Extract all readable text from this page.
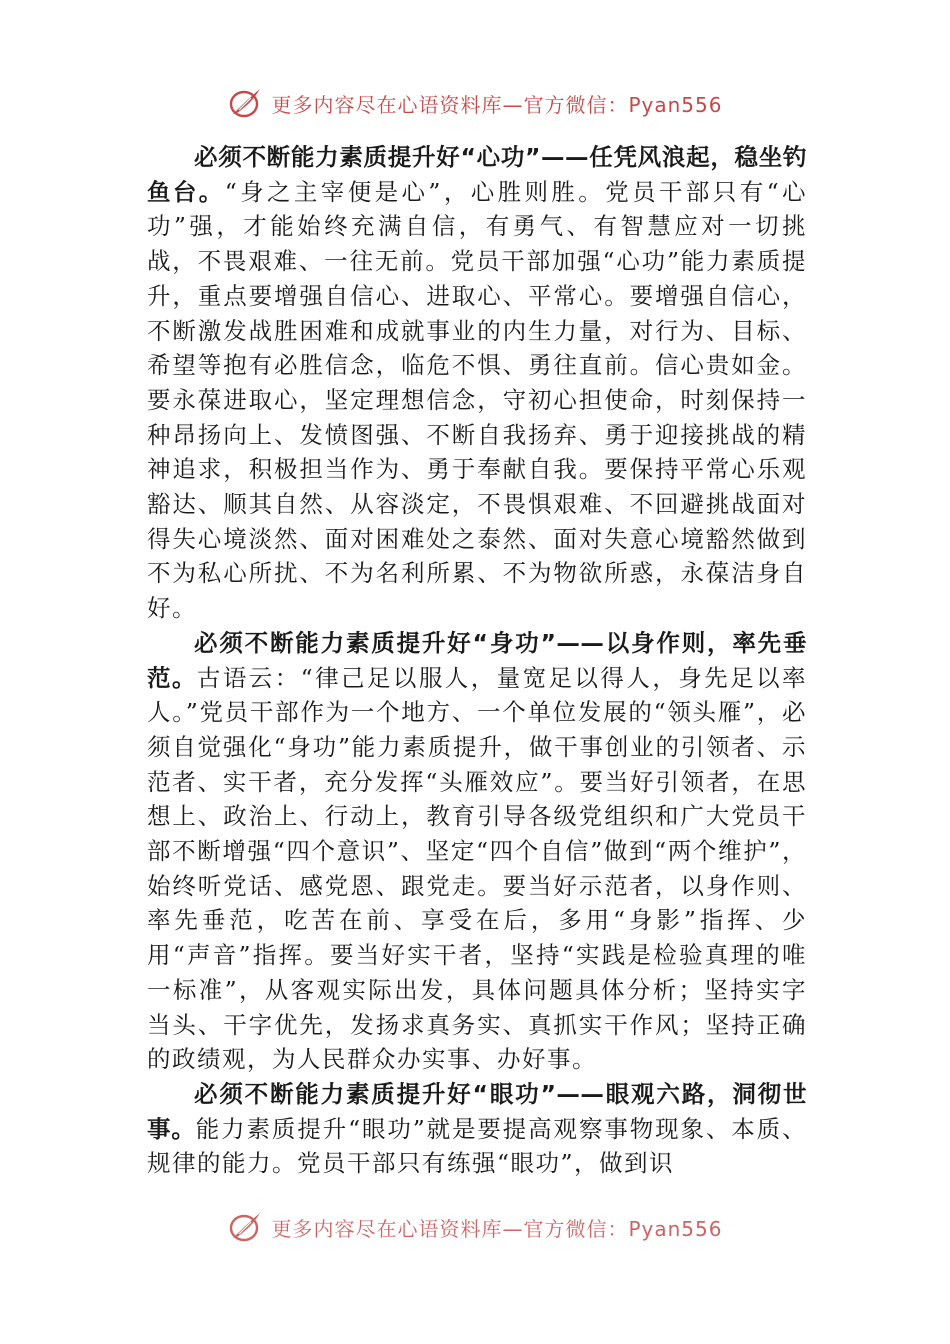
更多内容尽在心语资料库—官方微信：Pyan556

必须不断能力素质提升好“心功”——任凭风浪起，稳坐钓鱼台。“身之主宰便是心”，心胜则胜。党员干部只有“心功”强，才能始终充满自信，有勇气、有智慧应对一切挑战，不畏艰难、一往无前。党员干部加强“心功”能力素质提升，重点要增强自信心、进取心、平常心。要增强自信心，不断激发战胜困难和成就事业的内生力量，对行为、目标、希望等抱有必胜信念，临危不惧、勇往直前。信心贵如金。要永葆进取心，坚定理想信念，守初心担使命，时刻保持一种昂扬向上、发愤图强、不断自我扬弃、勇于迎接挑战的精神追求，积极担当作为、勇于奉献自我。要保持平常心乐观豁达、顺其自然、从容淡定，不畏惧艰难、不回避挑战面对得失心境淡然、面对困难处之泰然、面对失意心境豁然做到不为私心所扰、不为名利所累、不为物欲所惑，永葆洁身自好。

必须不断能力素质提升好“身功”——以身作则，率先垂范。古语云：“律己足以服人，量宽足以得人，身先足以率人。”党员干部作为一个地方、一个单位发展的“领头雁”，必须自觉强化“身功”能力素质提升，做干事创业的引领者、示范者、实干者，充分发挥“头雁效应”。要当好引领者，在思想上、政治上、行动上，教育引导各级党组织和广大党员干部不断增强“四个意识”、坚定“四个自信”做到“两个维护”，始终听党话、感党恩、跟党走。要当好示范者，以身作则、率先垂范，吃苦在前、享受在后，多用“身影”指挥、少用“声音”指挥。要当好实干者，坚持“实践是检验真理的唯一标准”，从客观实际出发，具体问题具体分析；坚持实字当头、干字优先，发扬求真务实、真抓实干作风；坚持正确的政绩观，为人民群众办实事、办好事。

必须不断能力素质提升好“眼功”——眼观六路，洞彻世事。能力素质提升“眼功”就是要提高观察事物现象、本质、规律的能力。党员干部只有练强“眼功”，做到识

更多内容尽在心语资料库—官方微信：Pyan556
